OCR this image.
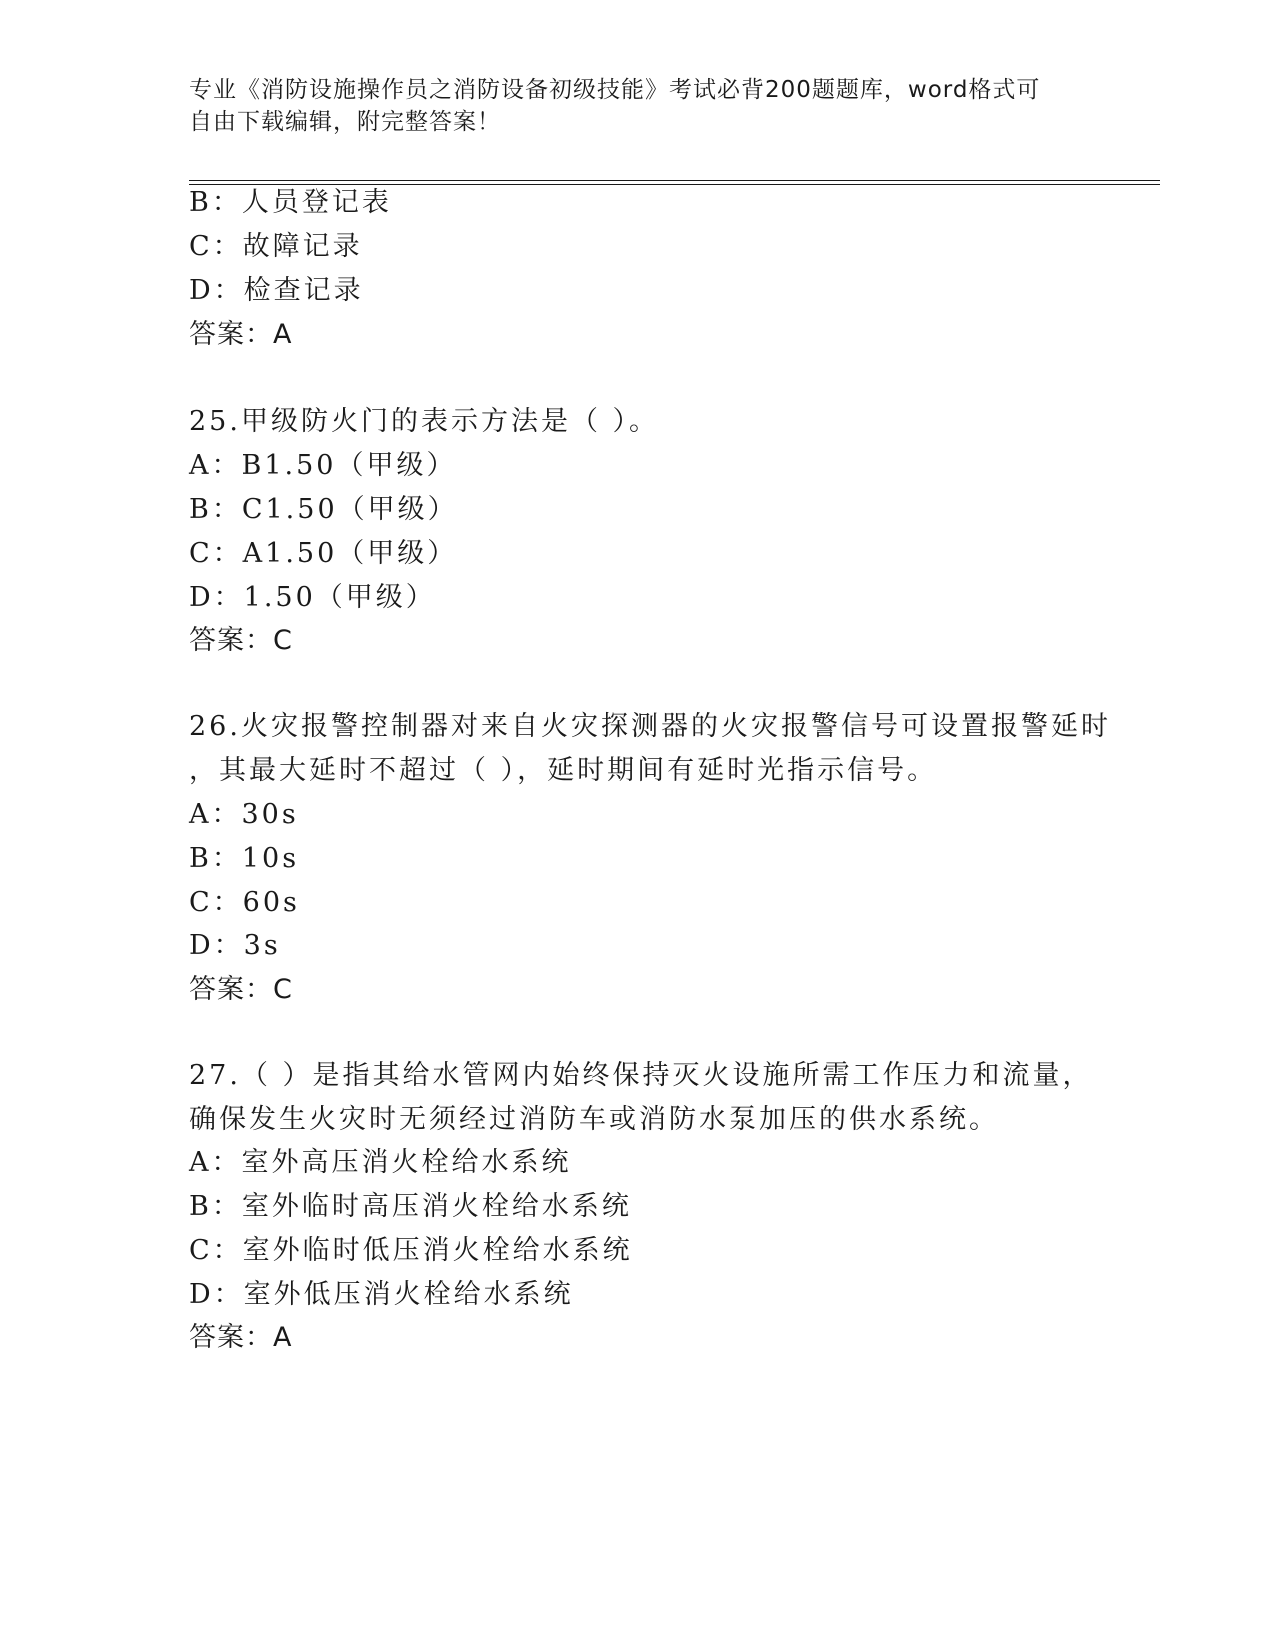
专业《消防设施操作员之消防设备初级技能》考试必背200题题库，word格式可
自由下载编辑，附完整答案！
B：人员登记表
C：故障记录
D：检查记录
答案：A
25.甲级防火门的表示方法是（ ）。
A：B1.50（甲级）
B：C1.50（甲级）
C：A1.50（甲级）
D：1.50（甲级）
答案：C
26.火灾报警控制器对来自火灾探测器的火灾报警信号可设置报警延时
，其最大延时不超过（ ），延时期间有延时光指示信号。
A：30s
B：10s
C：60s
D：3s
答案：C
27.（ ）是指其给水管网内始终保持灭火设施所需工作压力和流量，
确保发生火灾时无须经过消防车或消防水泵加压的供水系统。
A：室外高压消火栓给水系统
B：室外临时高压消火栓给水系统
C：室外临时低压消火栓给水系统
D：室外低压消火栓给水系统
答案：A
